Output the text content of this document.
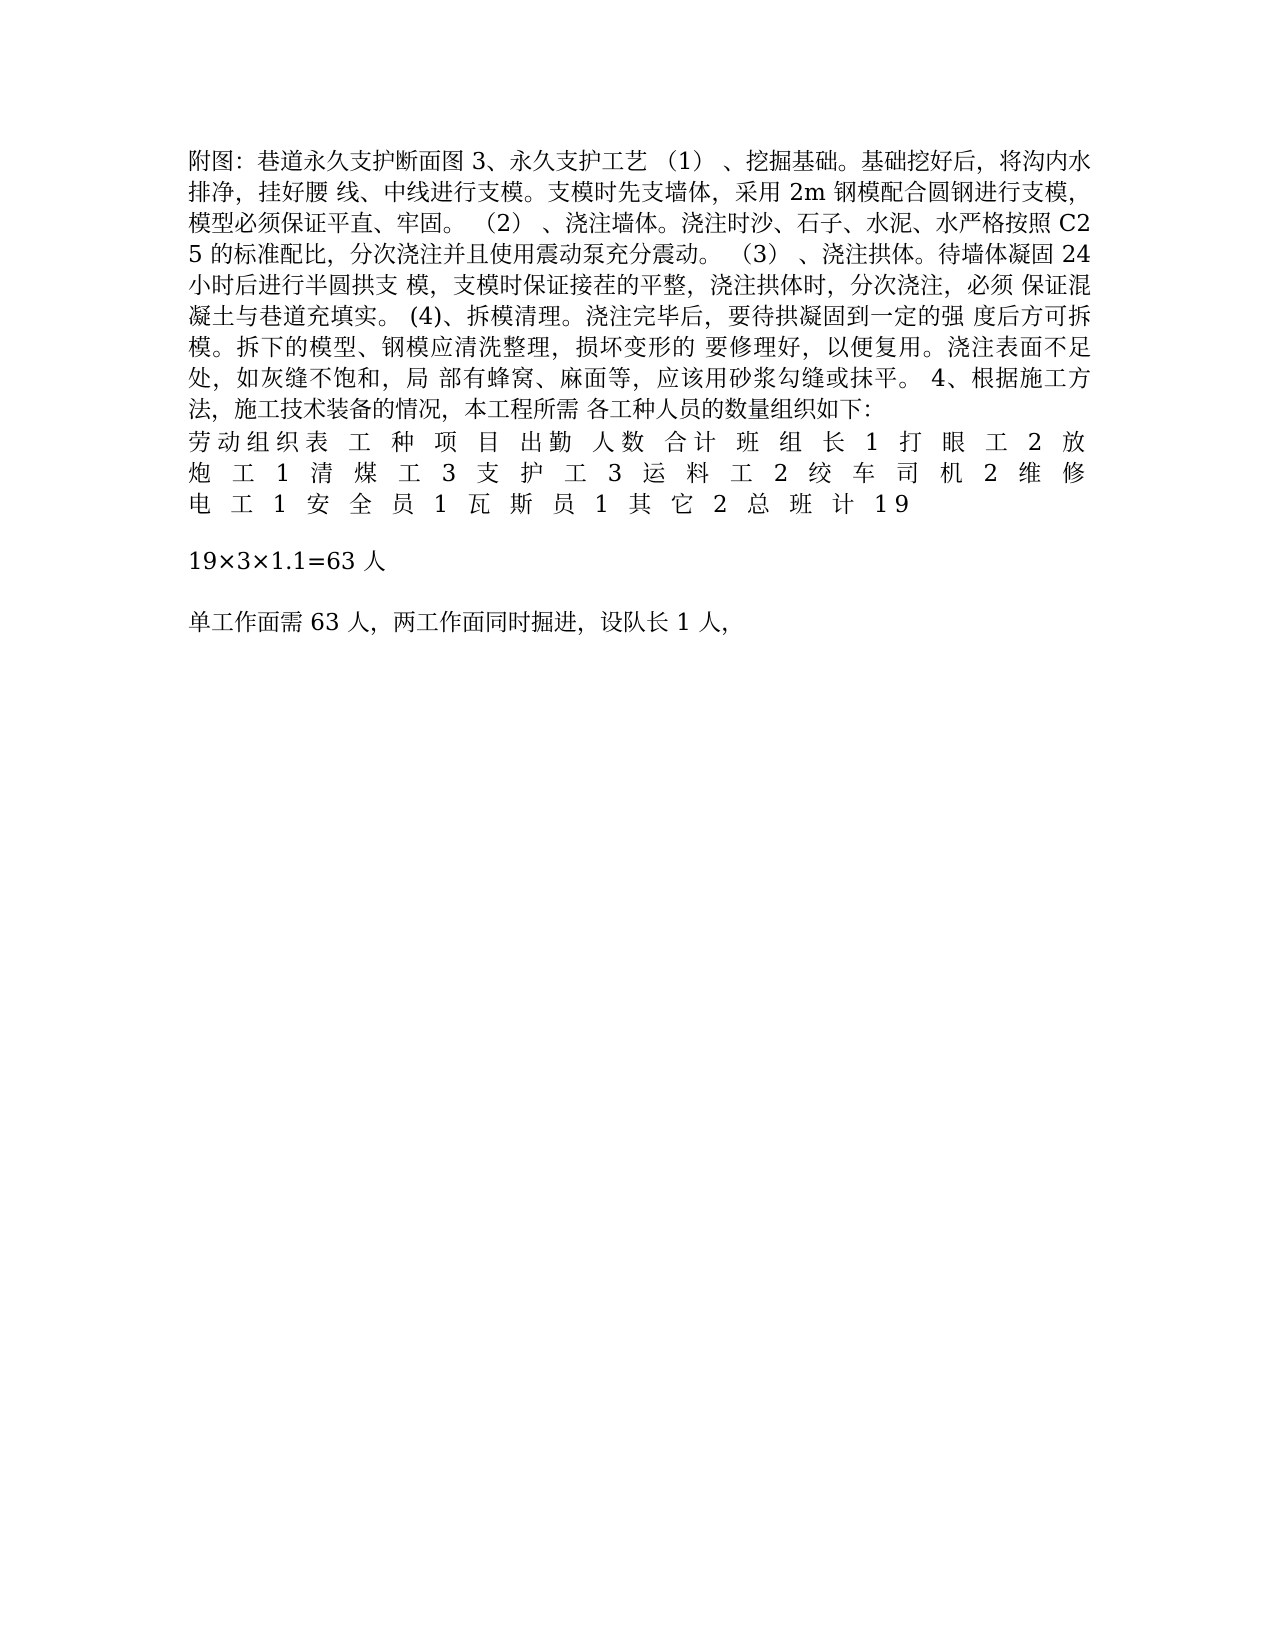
附图：巷道永久支护断面图 3、永久支护工艺 （1） 、挖掘基础。基础挖好后，将沟内水排净，挂好腰 线、中线进行支模。支模时先支墙体，采用 2m 钢模配合圆钢进行支模，模型必须保证平直、牢固。 （2） 、浇注墙体。浇注时沙、石子、水泥、水严格按照 C25 的标准配比，分次浇注并且使用震动泵充分震动。 （3） 、浇注拱体。待墙体凝固 24 小时后进行半圆拱支 模，支模时保证接茬的平整，浇注拱体时，分次浇注，必须 保证混凝土与巷道充填实。 (4)、拆模清理。浇注完毕后，要待拱凝固到一定的强 度后方可拆模。拆下的模型、钢模应清洗整理，损坏变形的 要修理好，以便复用。浇注表面不足处，如灰缝不饱和，局 部有蜂窝、麻面等，应该用砂浆勾缝或抹平。 4、根据施工方法，施工技术装备的情况，本工程所需 各工种人员的数量组织如下：

劳动组织表 工 种 项 目 出勤 人数 合计 班 组 长 1 打 眼 工 2 放 炮 工 1 清 煤 工 3 支 护 工 3 运 料 工 2 绞 车 司 机 2 维 修 电 工 1 安 全 员 1 瓦 斯 员 1 其 它 2 总 班 计 19

19×3×1.1=63 人

单工作面需 63 人，两工作面同时掘进，设队长 1 人，
